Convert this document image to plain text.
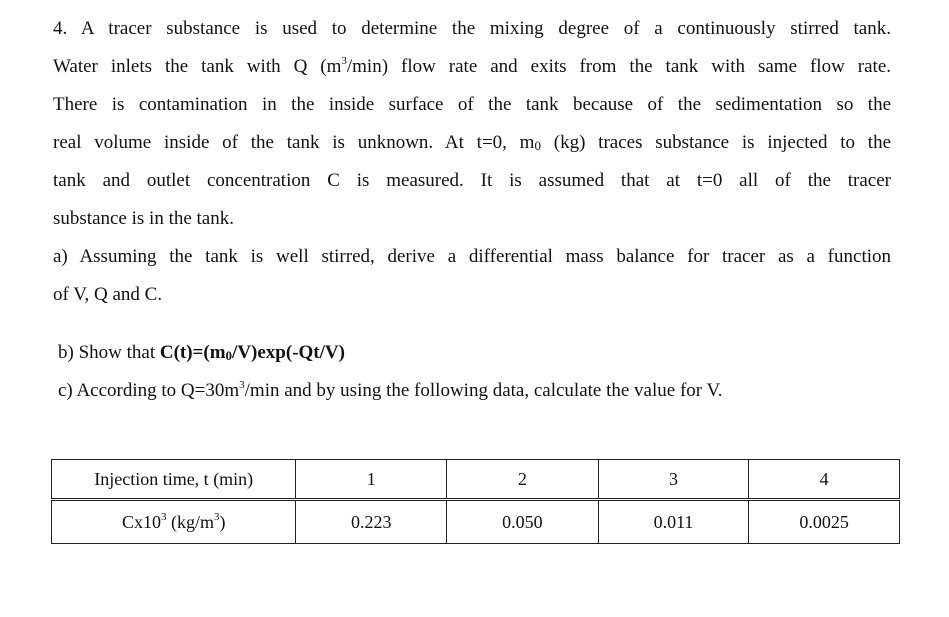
4. A tracer substance is used to determine the mixing degree of a continuously stirred tank.
Water inlets the tank with Q $(m^3/\min)$ flow rate and exits from the tank with same flow rate.
There is contamination in the inside surface of the tank because of the sedimentation so the
real volume inside of the tank is unknown. At t=0, $m_0$ (kg) traces substance is injected to the
tank and outlet concentration C is measured. It is assumed that at t=0 all of the tracer
substance is in the tank.
a) Assuming the tank is well stirred, derive a differential mass balance for tracer as a function
of V, Q and C.
b) Show that $C(t)=(m_0/V)\exp(-Qt/V)$
c) According to $Q=30m^3/\min$ and by using the following data, calculate the value for V.
Injection time, t (min)	1	2	3	4
$Cx10^3$ $(kg/m^3)$	0.223	0.050	0.011	0.0025
